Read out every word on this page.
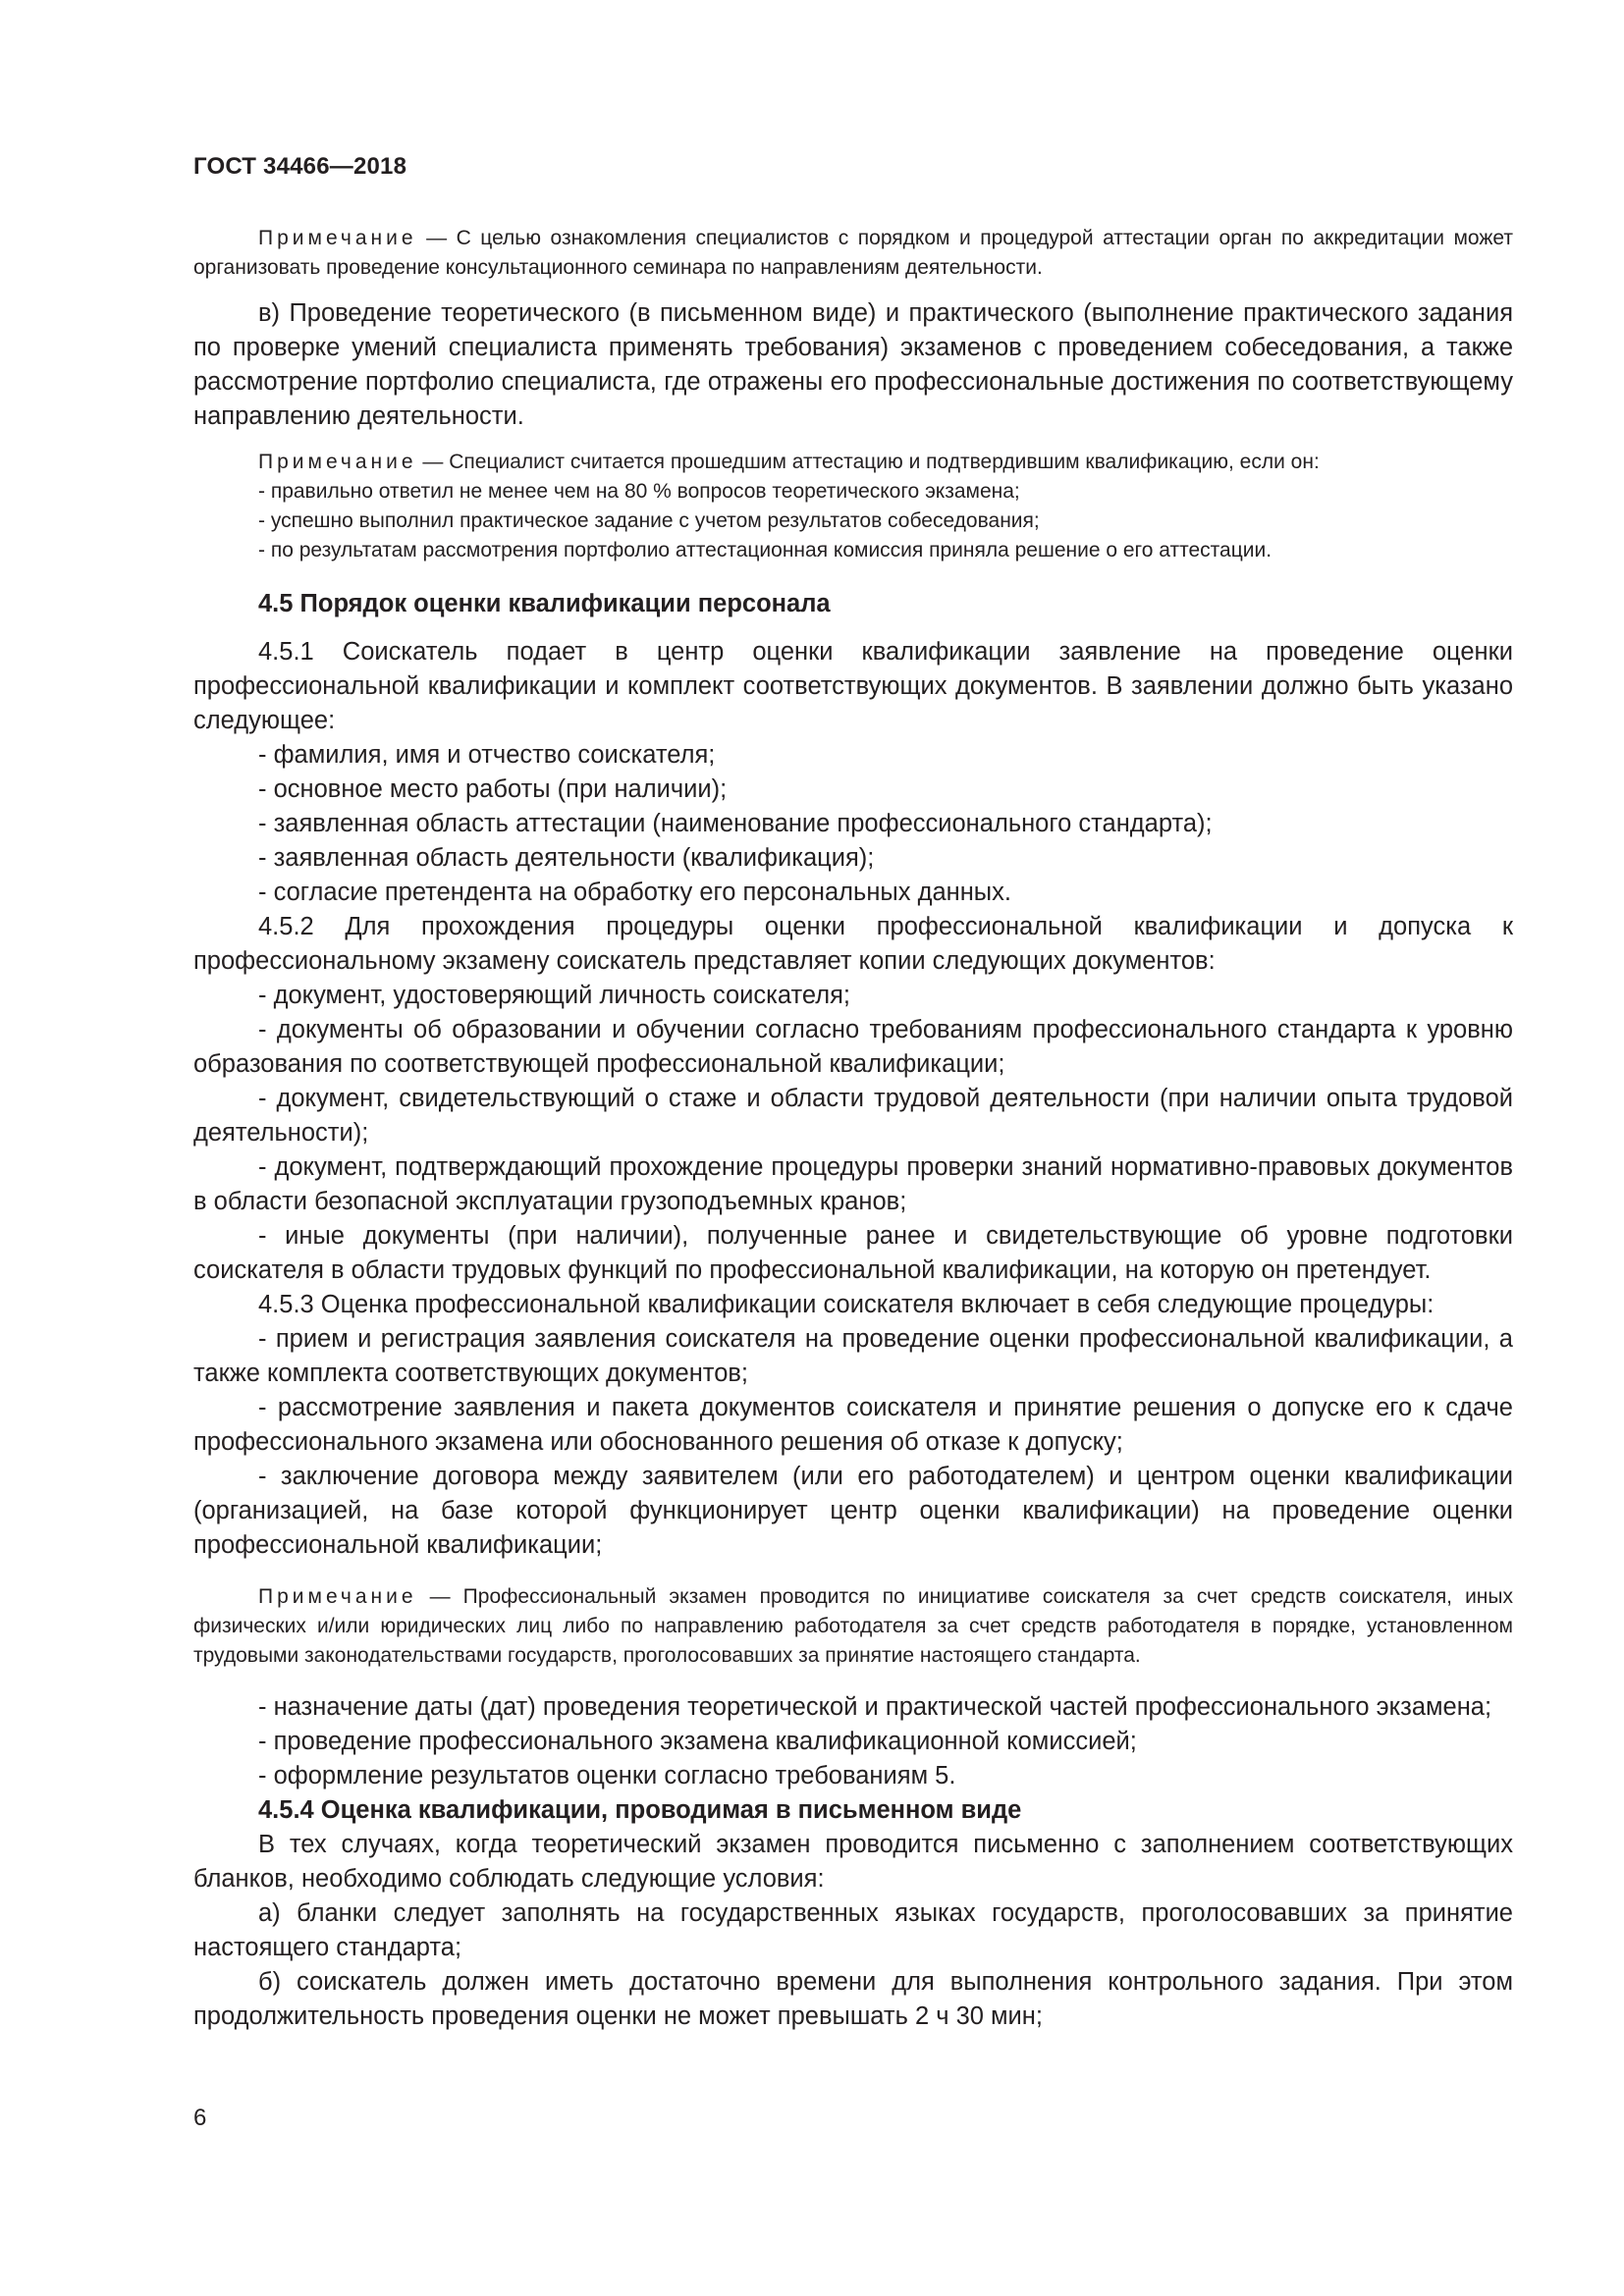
ГОСТ 34466—2018

Примечание — С целью ознакомления специалистов с порядком и процедурой аттестации орган по аккредитации может организовать проведение консультационного семинара по направлениям деятельности.

в) Проведение теоретического (в письменном виде) и практического (выполнение практического задания по проверке умений специалиста применять требования) экзаменов с проведением собеседования, а также рассмотрение портфолио специалиста, где отражены его профессиональные достижения по соответствующему направлению деятельности.

Примечание — Специалист считается прошедшим аттестацию и подтвердившим квалификацию, если он:

- правильно ответил не менее чем на 80 % вопросов теоретического экзамена;
- успешно выполнил практическое задание с учетом результатов собеседования;
- по результатам рассмотрения портфолио аттестационная комиссия приняла решение о его аттестации.

4.5 Порядок оценки квалификации персонала

4.5.1 Соискатель подает в центр оценки квалификации заявление на проведение оценки профессиональной квалификации и комплект соответствующих документов. В заявлении должно быть указано следующее:

- фамилия, имя и отчество соискателя;

- основное место работы (при наличии);

- заявленная область аттестации (наименование профессионального стандарта);

- заявленная область деятельности (квалификация);

- согласие претендента на обработку его персональных данных.

4.5.2 Для прохождения процедуры оценки профессиональной квалификации и допуска к профессиональному экзамену соискатель представляет копии следующих документов:

- документ, удостоверяющий личность соискателя;

- документы об образовании и обучении согласно требованиям профессионального стандарта к уровню образования по соответствующей профессиональной квалификации;

- документ, свидетельствующий о стаже и области трудовой деятельности (при наличии опыта трудовой деятельности);

- документ, подтверждающий прохождение процедуры проверки знаний нормативно-правовых документов в области безопасной эксплуатации грузоподъемных кранов;

- иные документы (при наличии), полученные ранее и свидетельствующие об уровне подготовки соискателя в области трудовых функций по профессиональной квалификации, на которую он претендует.

4.5.3 Оценка профессиональной квалификации соискателя включает в себя следующие процедуры:

- прием и регистрация заявления соискателя на проведение оценки профессиональной квалификации, а также комплекта соответствующих документов;

- рассмотрение заявления и пакета документов соискателя и принятие решения о допуске его к сдаче профессионального экзамена или обоснованного решения об отказе к допуску;

- заключение договора между заявителем (или его работодателем) и центром оценки квалификации (организацией, на базе которой функционирует центр оценки квалификации) на проведение оценки профессиональной квалификации;

Примечание — Профессиональный экзамен проводится по инициативе соискателя за счет средств соискателя, иных физических и/или юридических лиц либо по направлению работодателя за счет средств работодателя в порядке, установленном трудовыми законодательствами государств, проголосовавших за принятие настоящего стандарта.

- назначение даты (дат) проведения теоретической и практической частей профессионального экзамена;

- проведение профессионального экзамена квалификационной комиссией;

- оформление результатов оценки согласно требованиям 5.

4.5.4 Оценка квалификации, проводимая в письменном виде

В тех случаях, когда теоретический экзамен проводится письменно с заполнением соответствующих бланков, необходимо соблюдать следующие условия:

а) бланки следует заполнять на государственных языках государств, проголосовавших за принятие настоящего стандарта;

б) соискатель должен иметь достаточно времени для выполнения контрольного задания. При этом продолжительность проведения оценки не может превышать 2 ч 30 мин;

6
